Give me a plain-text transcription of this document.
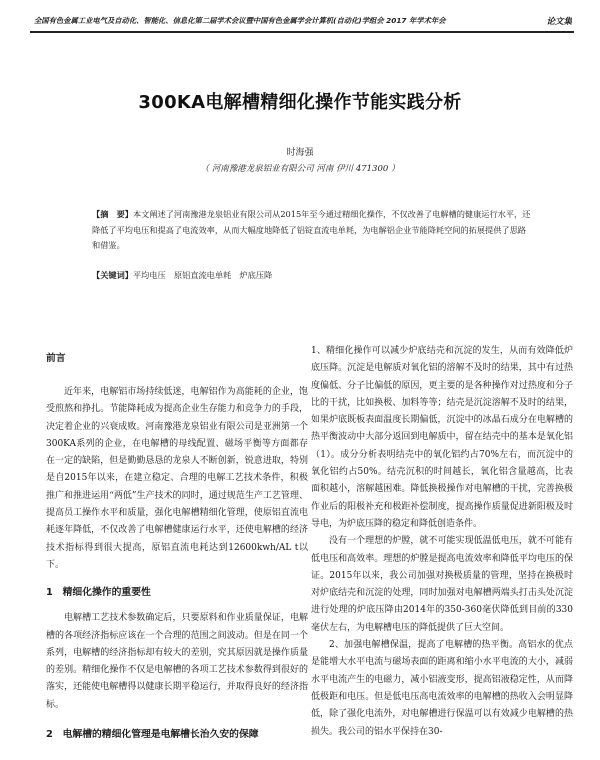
全国有色金属工业电气及自动化、智能化、信息化第二届学术会议暨中国有色金属学会计算机(自动化)学组会 2017 年学术年会	论文集
300KA电解槽精细化操作节能实践分析
时海强
（ 河南豫港龙泉铝业有限公司 河南 伊川 471300 ）
【摘　要】本文阐述了河南豫港龙泉铝业有限公司从2015年至今通过精细化操作，不仅改善了电解槽的健康运行水平，还降低了平均电压和提高了电流效率，从而大幅度地降低了铝锭直流电单耗，为电解铝企业节能降耗空间的拓展提供了思路和借鉴。
【关键词】平均电压　原铝直流电单耗　炉底压降
前言

近年来，电解铝市场持续低迷，电解铝作为高能耗的企业，饱受煎熬和挣扎。节能降耗成为提高企业生存能力和竞争力的手段，决定着企业的兴衰成败。河南豫港龙泉铝业有限公司是亚洲第一个300KA系列的企业，在电解槽的母线配置、磁场平衡等方面都存在一定的缺陷，但是勤勤恳恳的龙泉人不断创新，锐意进取，特别是自2015年以来，在建立稳定、合理的电解工艺技术条件，积极推广和推进运用“两低”生产技术的同时，通过规范生产工艺管理、提高员工操作水平和质量，强化电解槽精细化管理，使原铝直流电耗逐年降低，不仅改善了电解槽健康运行水平，还使电解槽的经济技术指标得到很大提高，原铝直流电耗达到12600kwh/AL t以下。

1　精细化操作的重要性

电解槽工艺技术参数确定后，只要原料和作业质量保证，电解槽的各项经济指标应该在一个合理的范围之间波动。但是在同一个系列，电解槽的经济指标却有较大的差别，究其原因就是操作质量的差别。精细化操作不仅是电解槽的各项工艺技术参数得到很好的落实，还能使电解槽得以健康长期平稳运行，并取得良好的经济指标。

2　电解槽的精细化管理是电解槽长治久安的保障

1、精细化操作可以减少炉底结壳和沉淀的发生，从而有效降低炉底压降。沉淀是电解质对氧化铝的溶解不及时的结果，其中有过热度偏低、分子比偏低的原因，更主要的是各种操作对过热度和分子比的干扰，比如换极、加料等等；结壳是沉淀溶解不及时的结果，如果炉底既板表面温度长期偏低，沉淀中的冰晶石成分在电解槽的热平衡波动中大部分返回到电解质中，留在结壳中的基本是氧化铝（1）。成分分析表明结壳中的氧化铝约占70%左右，而沉淀中的氧化铝约占50%。结壳沉积的时间越长，氧化铝含量越高，比表面积越小，溶解越困难。降低换极操作对电解槽的干扰，完善换极作业后的阳极补充和极距补偿制度，提高操作质量促进新阳极及时导电，为炉底压降的稳定和降低创造条件。

没有一个理想的炉膛，就不可能实现低温低电压，就不可能有低电压和高效率。理想的炉膛是提高电流效率和降低平均电压的保证。2015年以来，我公司加强对换极质量的管理，坚持在换极时对炉底结壳和沉淀的处理，同时加强对电解槽两端头打击头处沉淀进行处理的炉底压降由2014年的350-360毫伏降低到目前的330毫伏左右，为电解槽电压的降低提供了巨大空间。

2、加强电解槽保温，提高了电解槽的热平衡。高铝水的优点是能增大水平电流与磁场表面的距离和缩小水平电流的大小，减弱水平电流产生的电磁力，减小铝液变形，提高铝液稳定性，从而降低极距和电压。但是低电压高电流效率的电解槽的热收入会明显降低，除了强化电流外，对电解槽进行保温可以有效减少电解槽的热损失。我公司的铝水平保持在30-
